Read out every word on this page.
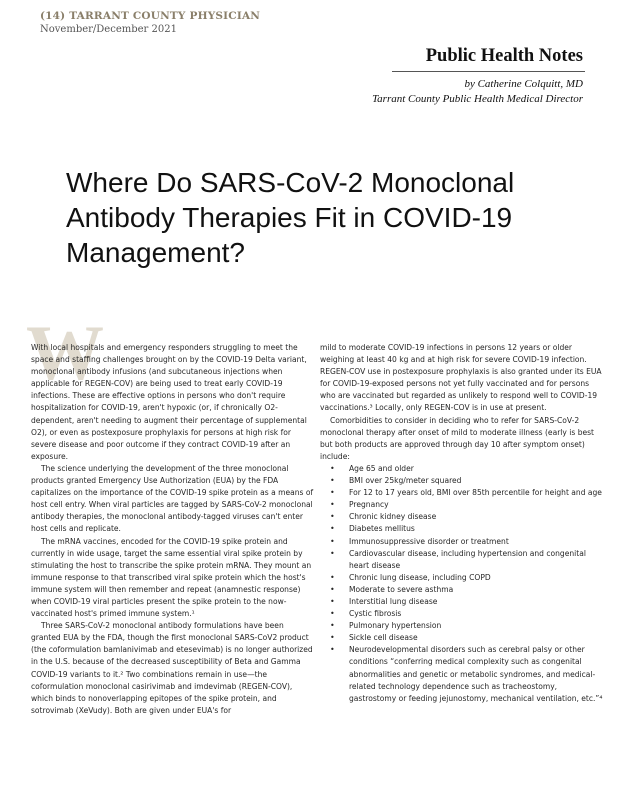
(14) TARRANT COUNTY PHYSICIAN
November/December 2021
Public Health Notes
by Catherine Colquitt, MD
Tarrant County Public Health Medical Director
Where Do SARS-CoV-2 Monoclonal Antibody Therapies Fit in COVID-19 Management?
W

With local hospitals and emergency responders struggling to meet the space and staffing challenges brought on by the COVID-19 Delta variant, monoclonal antibody infusions (and subcutaneous injections when applicable for REGEN-COV) are being used to treat early COVID-19 infections. These are effective options in persons who don't require hospitalization for COVID-19, aren't hypoxic (or, if chronically O2-dependent, aren't needing to augment their percentage of supplemental O2), or even as postexposure prophylaxis for persons at high risk for severe disease and poor outcome if they contract COVID-19 after an exposure.

The science underlying the development of the three monoclonal products granted Emergency Use Authorization (EUA) by the FDA capitalizes on the importance of the COVID-19 spike protein as a means of host cell entry. When viral particles are tagged by SARS-CoV-2 monoclonal antibody therapies, the monoclonal antibody-tagged viruses can't enter host cells and replicate.

The mRNA vaccines, encoded for the COVID-19 spike protein and currently in wide usage, target the same essential viral spike protein by stimulating the host to transcribe the spike protein mRNA. They mount an immune response to that transcribed viral spike protein which the host's immune system will then remember and repeat (anamnestic response) when COVID-19 viral particles present the spike protein to the now-vaccinated host's primed immune system.¹

Three SARS-CoV-2 monoclonal antibody formulations have been granted EUA by the FDA, though the first monoclonal SARS-CoV2 product (the coformulation bamlanivimab and etesevimab) is no longer authorized in the U.S. because of the decreased susceptibility of Beta and Gamma COVID-19 variants to it.² Two combinations remain in use—the coformulation monoclonal casirivimab and imdevimab (REGEN-COV), which binds to nonoverlapping epitopes of the spike protein, and sotrovimab (XeVudy). Both are given under EUA's for

mild to moderate COVID-19 infections in persons 12 years or older weighing at least 40 kg and at high risk for severe COVID-19 infection. REGEN-COV use in postexposure prophylaxis is also granted under its EUA for COVID-19-exposed persons not yet fully vaccinated and for persons who are vaccinated but regarded as unlikely to respond well to COVID-19 vaccinations.³ Locally, only REGEN-COV is in use at present.

Comorbidities to consider in deciding who to refer for SARS-CoV-2 monoclonal therapy after onset of mild to moderate illness (early is best but both products are approved through day 10 after symptom onset) include:

• Age 65 and older
• BMI over 25kg/meter squared
• For 12 to 17 years old, BMI over 85th percentile for height and age
• Pregnancy
• Chronic kidney disease
• Diabetes mellitus
• Immunosuppressive disorder or treatment
• Cardiovascular disease, including hypertension and congenital heart disease
• Chronic lung disease, including COPD
• Moderate to severe asthma
• Interstitial lung disease
• Cystic fibrosis
• Pulmonary hypertension
• Sickle cell disease
• Neurodevelopmental disorders such as cerebral palsy or other conditions “conferring medical complexity such as congenital abnormalities and genetic or metabolic syndromes, and medical-related technology dependence such as tracheostomy, gastrostomy or feeding jejunostomy, mechanical ventilation, etc.”⁴
